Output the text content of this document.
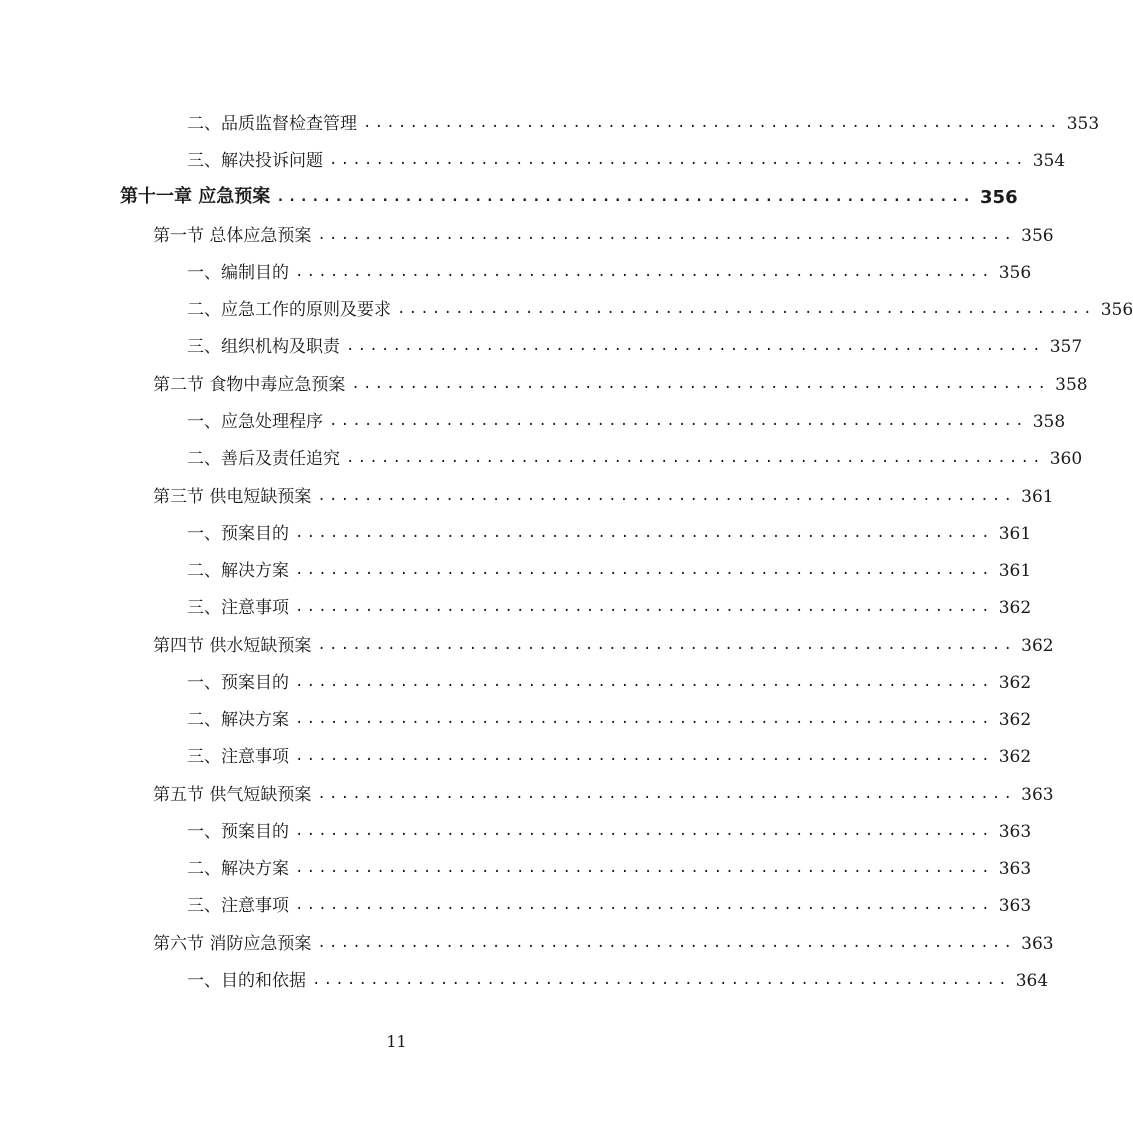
二、品质监督检查管理 ............................................................ 353
三、解决投诉问题 ............................................................ 354
第十一章 应急预案 ............................................................ 356
第一节 总体应急预案 ............................................................ 356
一、编制目的 ............................................................ 356
二、应急工作的原则及要求 ............................................................ 356
三、组织机构及职责 ............................................................ 357
第二节 食物中毒应急预案 ............................................................ 358
一、应急处理程序 ............................................................ 358
二、善后及责任追究 ............................................................ 360
第三节 供电短缺预案 ............................................................ 361
一、预案目的 ............................................................ 361
二、解决方案 ............................................................ 361
三、注意事项 ............................................................ 362
第四节 供水短缺预案 ............................................................ 362
一、预案目的 ............................................................ 362
二、解决方案 ............................................................ 362
三、注意事项 ............................................................ 362
第五节 供气短缺预案 ............................................................ 363
一、预案目的 ............................................................ 363
二、解决方案 ............................................................ 363
三、注意事项 ............................................................ 363
第六节 消防应急预案 ............................................................ 363
一、目的和依据 ............................................................ 364
11
